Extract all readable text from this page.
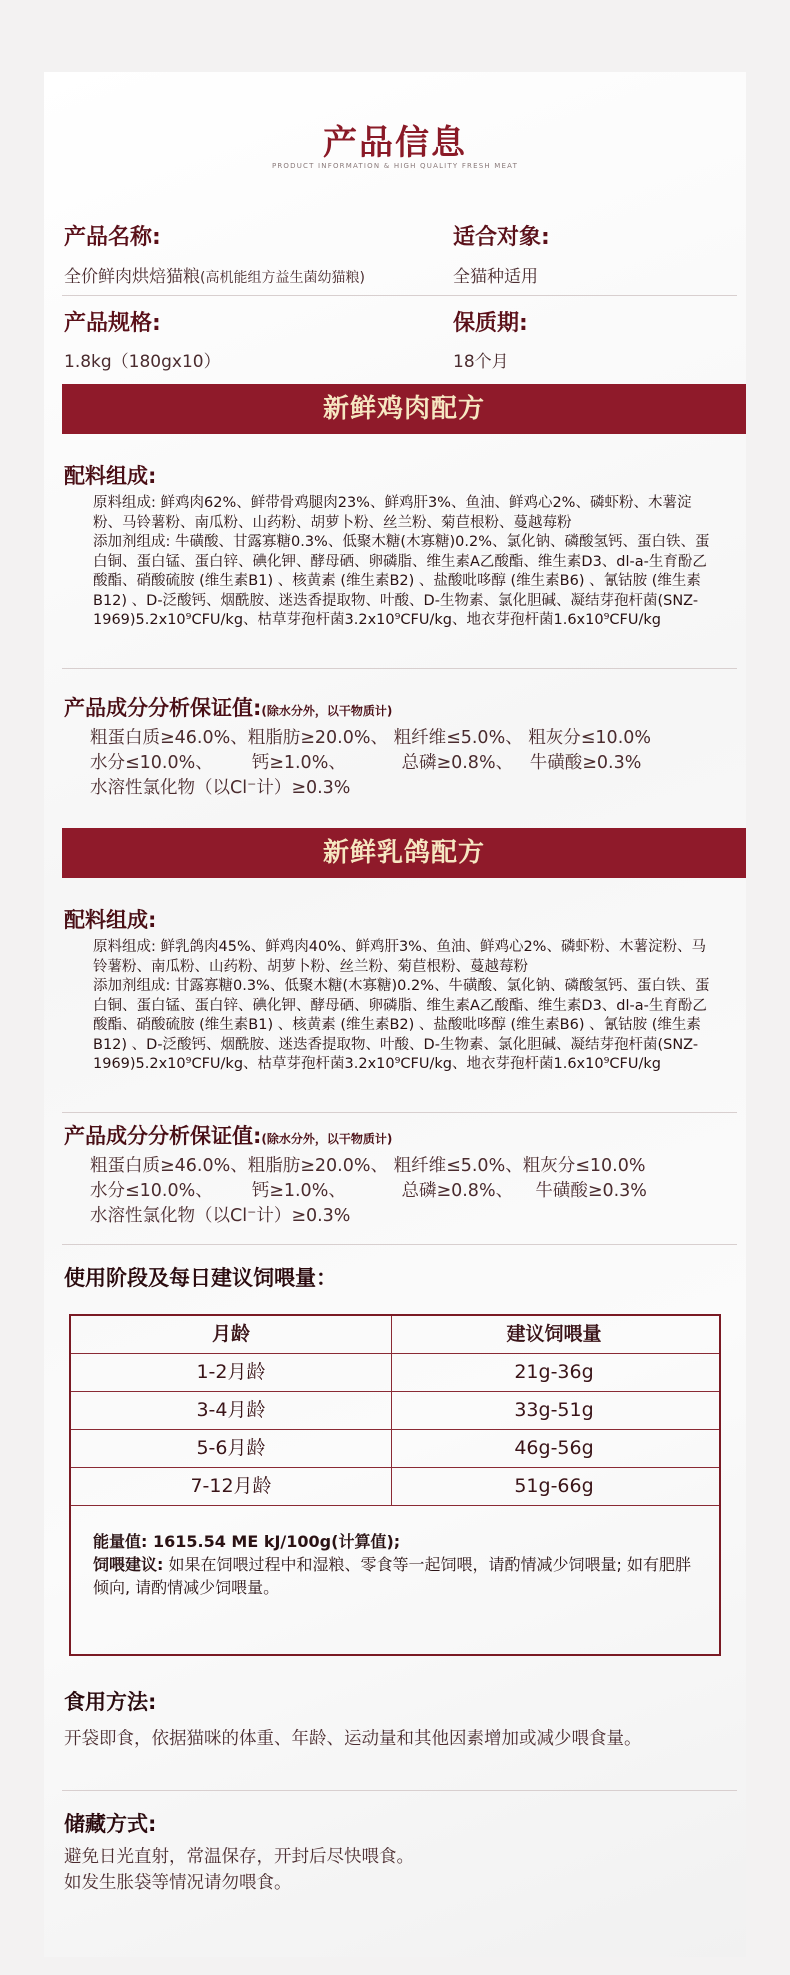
产品信息
PRODUCT INFORMATION & HIGH QUALITY FRESH MEAT
产品名称:
全价鲜肉烘焙猫粮(高机能组方益生菌幼猫粮)
适合对象:
全猫种适用
产品规格:
1.8kg（180gx10）
保质期:
18个月
新鲜鸡肉配方
配料组成:
原料组成: 鲜鸡肉62%、鲜带骨鸡腿肉23%、鲜鸡肝3%、鱼油、鲜鸡心2%、磷虾粉、木薯淀粉、马铃薯粉、南瓜粉、山药粉、胡萝卜粉、丝兰粉、菊苣根粉、蔓越莓粉
添加剂组成: 牛磺酸、甘露寡糖0.3%、低聚木糖(木寡糖)0.2%、氯化钠、磷酸氢钙、蛋白铁、蛋白铜、蛋白锰、蛋白锌、碘化钾、酵母硒、卵磷脂、维生素A乙酸酯、维生素D3、dl-a-生育酚乙酸酯、硝酸硫胺 (维生素B1) 、核黄素 (维生素B2) 、盐酸吡哆醇 (维生素B6) 、氰钴胺 (维生素B12) 、D-泛酸钙、烟酰胺、迷迭香提取物、叶酸、D-生物素、氯化胆碱、凝结芽孢杆菌(SNZ-1969)5.2x10⁹CFU/kg、枯草芽孢杆菌3.2x10⁹CFU/kg、地衣芽孢杆菌1.6x10⁹CFU/kg
产品成分分析保证值:(除水分外，以干物质计)
粗蛋白质≥46.0%、粗脂肪≥20.0%、 粗纤维≤5.0%、 粗灰分≤10.0%
水分≤10.0%、       钙≥1.0%、          总磷≥0.8%、   牛磺酸≥0.3%
水溶性氯化物（以Cl⁻计）≥0.3%
新鲜乳鸽配方
配料组成:
原料组成: 鲜乳鸽肉45%、鲜鸡肉40%、鲜鸡肝3%、鱼油、鲜鸡心2%、磷虾粉、木薯淀粉、马铃薯粉、南瓜粉、山药粉、胡萝卜粉、丝兰粉、菊苣根粉、蔓越莓粉
添加剂组成: 甘露寡糖0.3%、低聚木糖(木寡糖)0.2%、牛磺酸、氯化钠、磷酸氢钙、蛋白铁、蛋白铜、蛋白锰、蛋白锌、碘化钾、酵母硒、卵磷脂、维生素A乙酸酯、维生素D3、dl-a-生育酚乙酸酯、硝酸硫胺 (维生素B1) 、核黄素 (维生素B2) 、盐酸吡哆醇 (维生素B6) 、氰钴胺 (维生素B12) 、D-泛酸钙、烟酰胺、迷迭香提取物、叶酸、D-生物素、氯化胆碱、凝结芽孢杆菌(SNZ-1969)5.2x10⁹CFU/kg、枯草芽孢杆菌3.2x10⁹CFU/kg、地衣芽孢杆菌1.6x10⁹CFU/kg
产品成分分析保证值:(除水分外，以干物质计)
粗蛋白质≥46.0%、粗脂肪≥20.0%、 粗纤维≤5.0%、粗灰分≤10.0%
水分≤10.0%、       钙≥1.0%、          总磷≥0.8%、    牛磺酸≥0.3%
水溶性氯化物（以Cl⁻计）≥0.3%
使用阶段及每日建议饲喂量：
月龄	建议饲喂量
1-2月龄	21g-36g
3-4月龄	33g-51g
5-6月龄	46g-56g
7-12月龄	51g-66g
能量值: 1615.54 ME kJ/100g(计算值);
饲喂建议: 如果在饲喂过程中和湿粮、零食等一起饲喂，请酌情减少饲喂量; 如有肥胖倾向, 请酌情减少饲喂量。
食用方法:
开袋即食，依据猫咪的体重、年龄、运动量和其他因素增加或减少喂食量。
储藏方式:
避免日光直射，常温保存，开封后尽快喂食。
如发生胀袋等情况请勿喂食。
